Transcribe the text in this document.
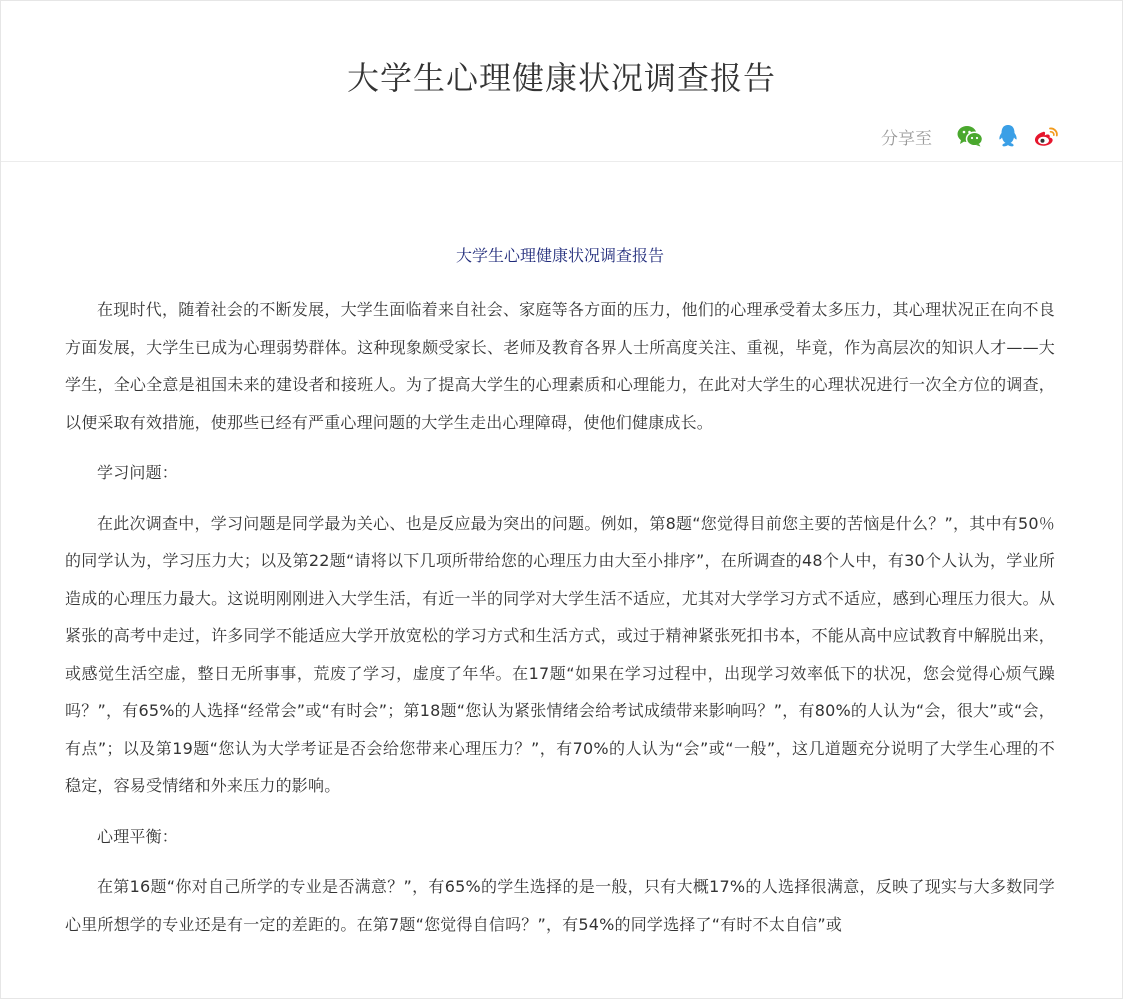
大学生心理健康状况调查报告
分享至
大学生心理健康状况调查报告

在现时代，随着社会的不断发展，大学生面临着来自社会、家庭等各方面的压力，他们的心理承受着太多压力，其心理状况正在向不良方面发展，大学生已成为心理弱势群体。这种现象颇受家长、老师及教育各界人士所高度关注、重视，毕竟，作为高层次的知识人才——大学生，全心全意是祖国未来的建设者和接班人。为了提高大学生的心理素质和心理能力，在此对大学生的心理状况进行一次全方位的调查，以便采取有效措施，使那些已经有严重心理问题的大学生走出心理障碍，使他们健康成长。

学习问题：

在此次调查中，学习问题是同学最为关心、也是反应最为突出的问题。例如，第8题“您觉得目前您主要的苦恼是什么？”，其中有50％的同学认为，学习压力大；以及第22题“请将以下几项所带给您的心理压力由大至小排序”，在所调查的48个人中，有30个人认为，学业所造成的心理压力最大。这说明刚刚进入大学生活，有近一半的同学对大学生活不适应，尤其对大学学习方式不适应，感到心理压力很大。从紧张的高考中走过，许多同学不能适应大学开放宽松的学习方式和生活方式，或过于精神紧张死扣书本，不能从高中应试教育中解脱出来，或感觉生活空虚，整日无所事事，荒废了学习，虚度了年华。在17题“如果在学习过程中，出现学习效率低下的状况，您会觉得心烦气躁吗？”，有65%的人选择“经常会”或“有时会”；第18题“您认为紧张情绪会给考试成绩带来影响吗？”，有80%的人认为“会，很大”或“会，有点”；以及第19题“您认为大学考证是否会给您带来心理压力？”，有70%的人认为“会”或“一般”，这几道题充分说明了大学生心理的不稳定，容易受情绪和外来压力的影响。

心理平衡：

在第16题“你对自己所学的专业是否满意？”，有65%的学生选择的是一般，只有大概17%的人选择很满意，反映了现实与大多数同学心里所想学的专业还是有一定的差距的。在第7题“您觉得自信吗？”，有54%的同学选择了“有时不太自信”或
